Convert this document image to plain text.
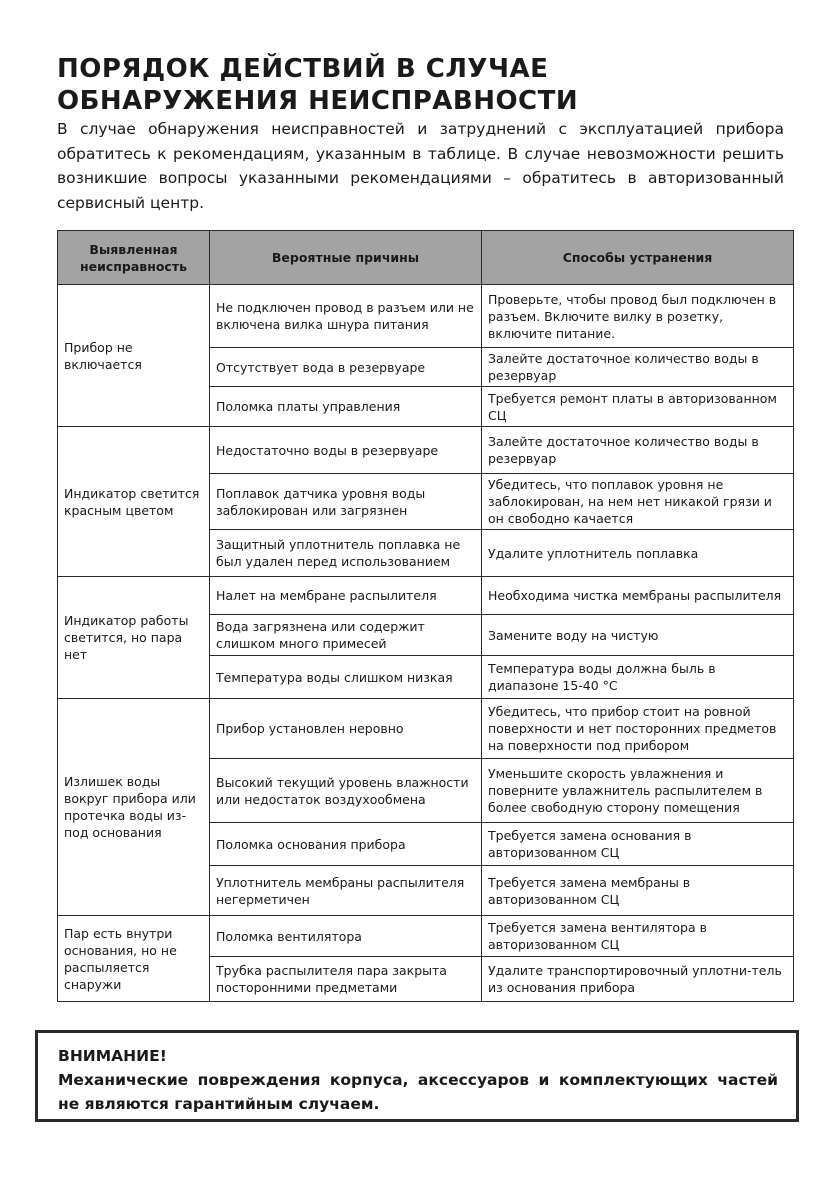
ПОРЯДОК ДЕЙСТВИЙ В СЛУЧАЕ ОБНАРУЖЕНИЯ НЕИСПРАВНОСТИ

В случае обнаружения неисправностей и затруднений с эксплуатацией прибора обратитесь к рекомендациям, указанным в таблице. В случае невозможности решить возникшие вопросы указанными рекомендациями – обратитесь в авторизованный сервисный центр.

Выявленная неисправность	Вероятные причины	Способы устранения
Прибор не включается	Не подключен провод в разъем или не включена вилка шнура питания	Проверьте, чтобы провод был подключен в разъем. Включите вилку в розетку, включите питание.
	Отсутствует вода в резервуаре	Залейте достаточное количество воды в резервуар
	Поломка платы управления	Требуется ремонт платы в авторизованном СЦ
Индикатор светится красным цветом	Недостаточно воды в резервуаре	Залейте достаточное количество воды в резервуар
	Поплавок датчика уровня воды заблокирован или загрязнен	Убедитесь, что поплавок уровня не заблокирован, на нем нет никакой грязи и он свободно качается
	Защитный уплотнитель поплавка не был удален перед использованием	Удалите уплотнитель поплавка
Индикатор работы светится, но пара нет	Налет на мембране распылителя	Необходима чистка мембраны распылителя
	Вода загрязнена или содержит слишком много примесей	Замените воду на чистую
	Температура воды слишком низкая	Температура воды должна быль в диапазоне 15-40 °С
Излишек воды вокруг прибора или протечка воды из-под основания	Прибор установлен неровно	Убедитесь, что прибор стоит на ровной поверхности и нет посторонних предметов на поверхности под прибором
	Высокий текущий уровень влажности или недостаток воздухообмена	Уменьшите скорость увлажнения и поверните увлажнитель распылителем в более свободную сторону помещения
	Поломка основания прибора	Требуется замена основания в авторизованном СЦ
	Уплотнитель мембраны распылителя негерметичен	Требуется замена мембраны в авторизованном СЦ
Пар есть внутри основания, но не распыляется снаружи	Поломка вентилятора	Требуется замена вентилятора в авторизованном СЦ
	Трубка распылителя пара закрыта посторонними предметами	Удалите транспортировочный уплотни-тель из основания прибора

ВНИМАНИЕ!

Механические повреждения корпуса, аксессуаров и комплектующих частей не являются гарантийным случаем.
